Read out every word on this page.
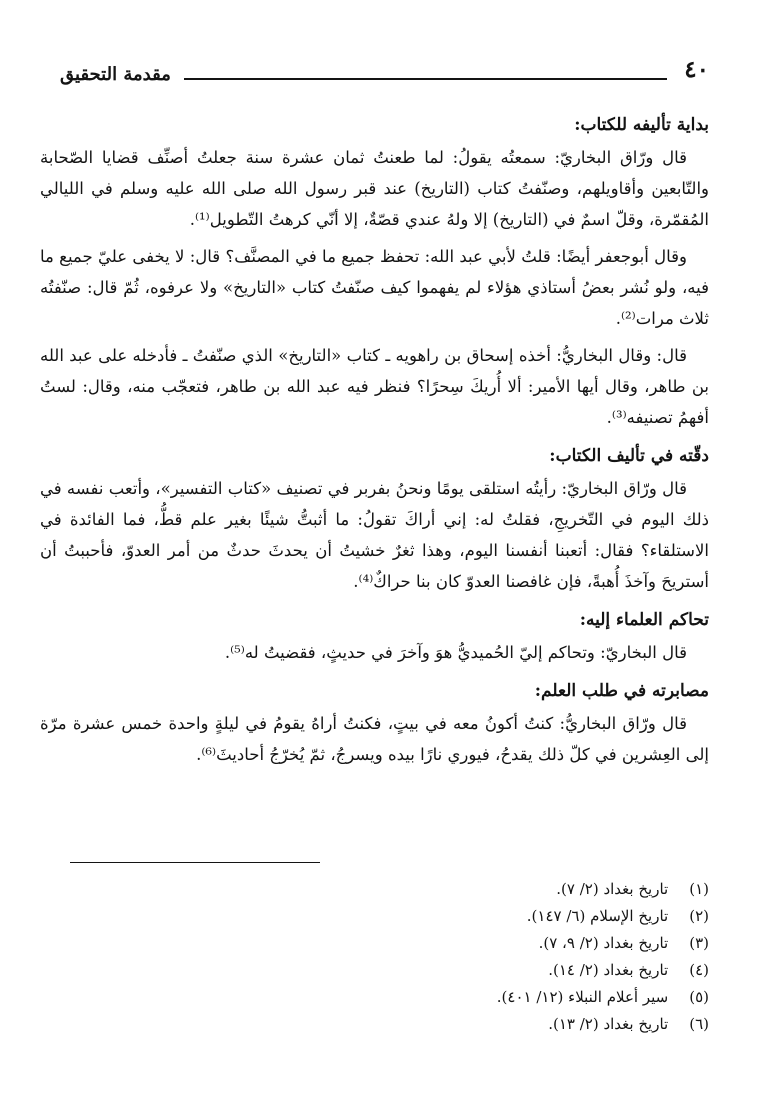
٤٠
مقدمة التحقيق
بداية تأليفه للكتاب:

قال ورّاق البخاريّ: سمعتُه يقولُ: لما طعنتُ ثمان عشرة سنة جعلتُ أصنِّف قضايا الصّحابة والتّابعين وأقاويلهم، وصنّفتُ كتاب (التاريخ) عند قبر رسول الله صلى الله عليه وسلم في الليالي المُقمّرة، وقلّ اسمٌ في (التاريخ) إلا ولهُ عندي قصّةٌ، إلا أنّي كرهتُ التّطويل⁽¹⁾.

وقال أبوجعفر أيضًا: قلتُ لأبي عبد الله: تحفظ جميع ما في المصنَّف؟ قال: لا يخفى عليّ جميع ما فيه، ولو نُشر بعضُ أستاذي هؤلاء لم يفهموا كيف صنّفتُ كتاب «التاريخ» ولا عرفوه، ثُمّ قال: صنّفتُه ثلاث مرات⁽²⁾.

قال: وقال البخاريُّ: أخذه إسحاق بن راهويه ـ كتاب «التاريخ» الذي صنّفتُ ـ فأدخله على عبد الله بن طاهر، وقال أيها الأمير: ألا أُريكَ سِحرًا؟ فنظر فيه عبد الله بن طاهر، فتعجّب منه، وقال: لستُ أفهمُ تصنيفه⁽³⁾.

دقّته في تأليف الكتاب:

قال ورّاق البخاريّ: رأيتُه استلقى يومًا ونحنُ بفربر في تصنيف «كتاب التفسير»، وأتعب نفسه في ذلك اليوم في التّخريجِ، فقلتُ له: إني أراكَ تقولُ: ما أثبتُّ شيئًا بغير علم قطُّ، فما الفائدة في الاستلقاء؟ فقال: أتعبنا أنفسنا اليوم، وهذا ثغرٌ خشيتُ أن يحدثَ حدثٌ من أمر العدوّ، فأحببتُ أن أستريحَ وآخذَ أُهبةً، فإن غافصنا العدوّ كان بنا حراكٌ⁽⁴⁾.

تحاكم العلماء إليه:

قال البخاريّ: وتحاكم إليّ الحُميديُّ هوَ وآخرَ في حديثٍ، فقضيتُ له⁽⁵⁾.

مصابرته في طلب العلم:

قال ورّاق البخاريُّ: كنتُ أكونُ معه في بيتٍ، فكنتُ أراهُ يقومُ في ليلةٍ واحدة خمس عشرة مرّة إلى العِشرين في كلّ ذلك يقدحُ، فيوري نارًا بيده ويسرجُ، ثمّ يُخرّجُ أحاديثَ⁽⁶⁾.

(١) تاريخ بغداد (٢/ ٧).
(٢) تاريخ الإسلام (٦/ ١٤٧).
(٣) تاريخ بغداد (٢/ ٩، ٧).
(٤) تاريخ بغداد (٢/ ١٤).
(٥) سير أعلام النبلاء (١٢/ ٤٠١).
(٦) تاريخ بغداد (٢/ ١٣).
